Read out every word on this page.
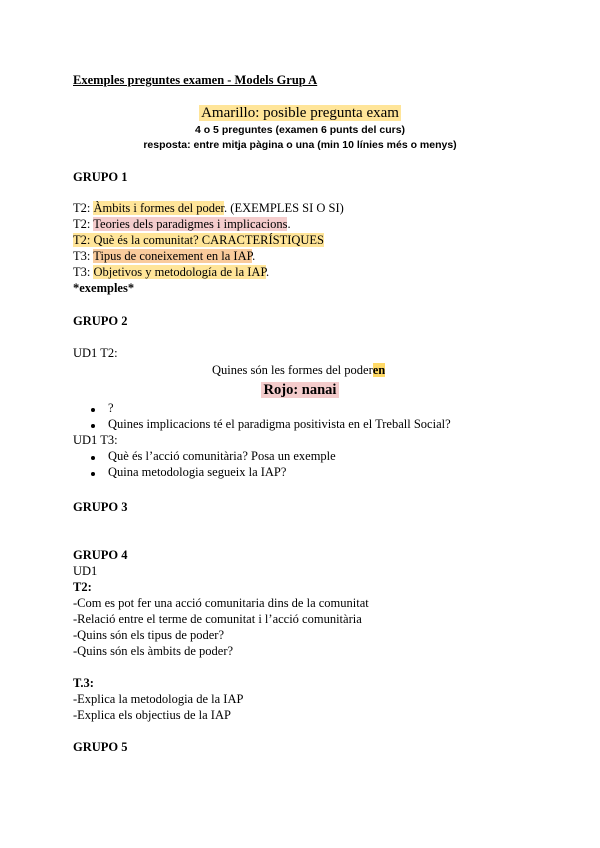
Exemples preguntes examen - Models Grup A
Amarillo: posible pregunta exam
4 o 5 preguntes (examen 6 punts del curs)
resposta: entre mitja pàgina o una (min 10 línies més o menys)
GRUPO 1
T2: Àmbits i formes del poder. (EXEMPLES SI O SI)
T2: Teories dels paradigmes i implicacions.
T2: Què és la comunitat? CARACTERÍSTIQUES
T3: Tipus de coneixement en la IAP.
T3: Objetivos y metodología de la IAP.
*exemples*
GRUPO 2
UD1 T2:
Quines són les formes del poderen
Rojo: nanai
?
Quines implicacions té el paradigma positivista en el Treball Social?
UD1 T3:
Què és l’acció comunitària? Posa un exemple
Quina metodologia segueix la IAP?
GRUPO 3
GRUPO 4
UD1
T2:
-Com es pot fer una acció comunitaria dins de la comunitat
-Relació entre el terme de comunitat i l’acció comunitària
-Quins són els tipus de poder?
-Quins són els àmbits de poder?
T.3:
-Explica la metodologia de la IAP
-Explica els objectius de la IAP
GRUPO 5
